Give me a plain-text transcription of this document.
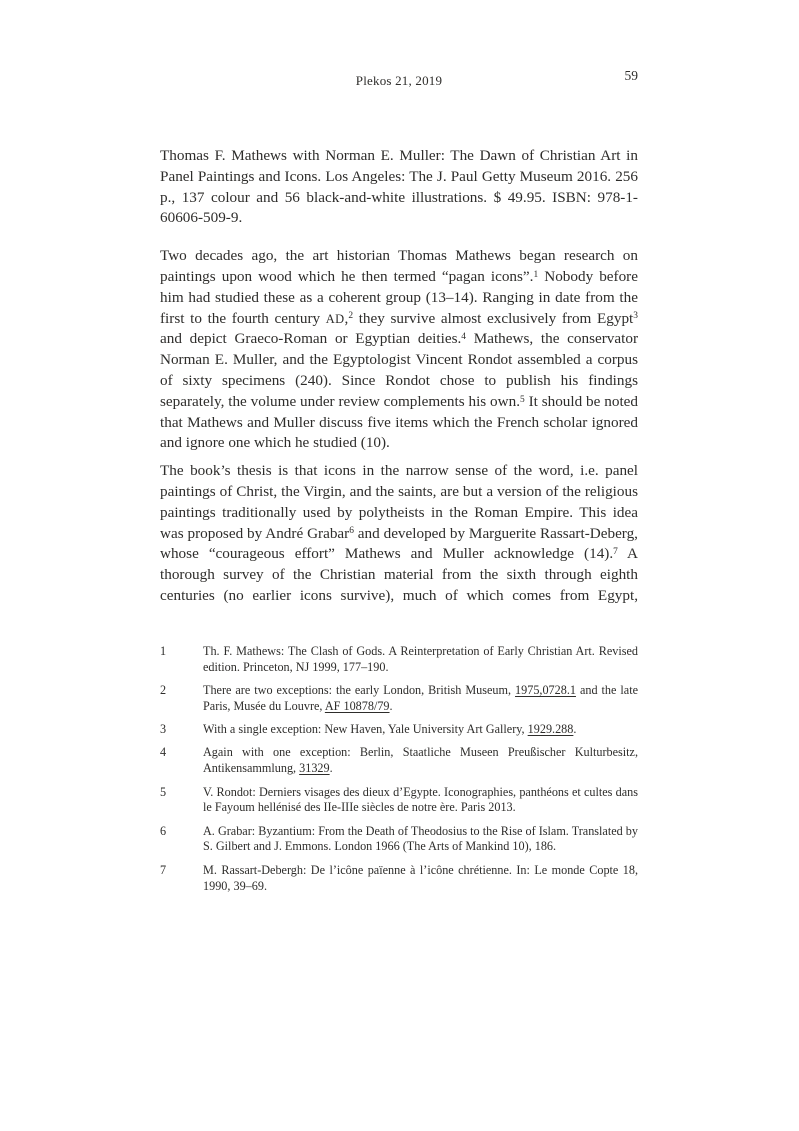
Plekos 21, 2019	59

Thomas F. Mathews with Norman E. Muller: The Dawn of Christian Art in Panel Paintings and Icons. Los Angeles: The J. Paul Getty Museum 2016. 256 p., 137 colour and 56 black-and-white illustrations. $ 49.95. ISBN: 978-1-60606-509-9.

Two decades ago, the art historian Thomas Mathews began research on paintings upon wood which he then termed “pagan icons”.$^1$ Nobody before him had studied these as a coherent group (13–14). Ranging in date from the first to the fourth century AD,$^2$ they survive almost exclusively from Egypt$^3$ and depict Graeco-Roman or Egyptian deities.$^4$ Mathews, the conservator Norman E. Muller, and the Egyptologist Vincent Rondot assembled a corpus of sixty specimens (240). Since Rondot chose to publish his findings separately, the volume under review complements his own.$^5$ It should be noted that Mathews and Muller discuss five items which the French scholar ignored and ignore one which he studied (10).

The book’s thesis is that icons in the narrow sense of the word, i.e. panel paintings of Christ, the Virgin, and the saints, are but a version of the religious paintings traditionally used by polytheists in the Roman Empire. This idea was proposed by André Grabar$^6$ and developed by Marguerite Rassart-Deberg, whose “courageous effort” Mathews and Muller acknowledge (14).$^7$ A thorough survey of the Christian material from the sixth through eighth centuries (no earlier icons survive), much of which comes from Egypt,

1	Th. F. Mathews: The Clash of Gods. A Reinterpretation of Early Christian Art. Revised edition. Princeton, NJ 1999, 177–190.
2	There are two exceptions: the early London, British Museum, 1975,0728.1 and the late Paris, Musée du Louvre, AF 10878/79.
3	With a single exception: New Haven, Yale University Art Gallery, 1929.288.
4	Again with one exception: Berlin, Staatliche Museen Preußischer Kulturbesitz, Antikensammlung, 31329.
5	V. Rondot: Derniers visages des dieux d’Egypte. Iconographies, panthéons et cultes dans le Fayoum hellénisé des IIe-IIIe siècles de notre ère. Paris 2013.
6	A. Grabar: Byzantium: From the Death of Theodosius to the Rise of Islam. Translated by S. Gilbert and J. Emmons. London 1966 (The Arts of Mankind 10), 186.
7	M. Rassart-Debergh: De l’icône païenne à l’icône chrétienne. In: Le monde Copte 18, 1990, 39–69.
